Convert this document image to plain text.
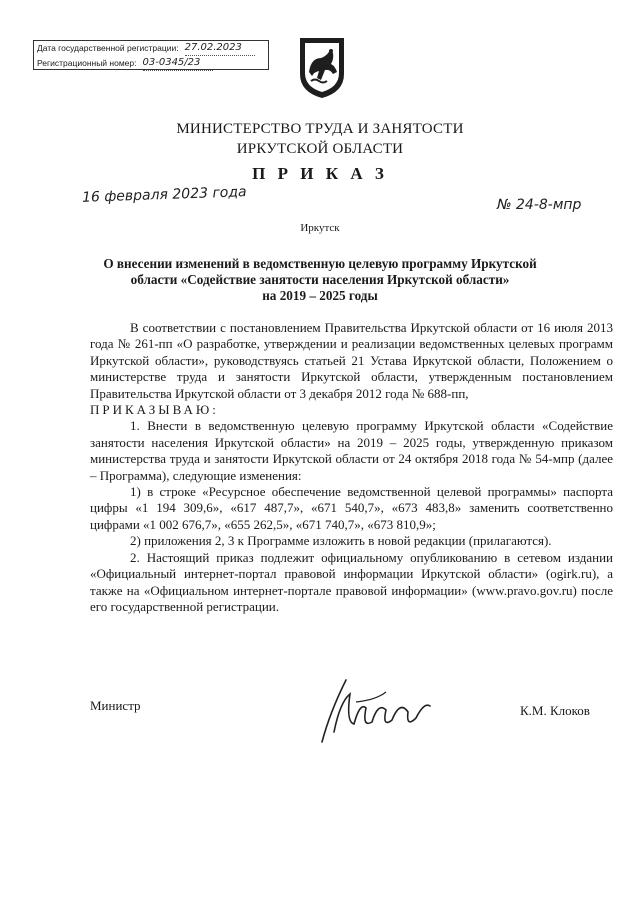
Дата государственной регистрации: 27.02.2023
Регистрационный номер: 03-0345/23
МИНИСТЕРСТВО ТРУДА И ЗАНЯТОСТИ
ИРКУТСКОЙ ОБЛАСТИ
П Р И К А З
16 февраля 2023 года	№ 24-8-мпр
Иркутск
О внесении изменений в ведомственную целевую программу Иркутской
области «Содействие занятости населения Иркутской области»
на 2019 – 2025 годы

В соответствии с постановлением Правительства Иркутской области от 16 июля 2013 года № 261-пп «О разработке, утверждении и реализации ведомственных целевых программ Иркутской области», руководствуясь статьей 21 Устава Иркутской области, Положением о министерстве труда и занятости Иркутской области, утвержденным постановлением Правительства Иркутской области от 3 декабря 2012 года № 688-пп,

ПРИКАЗЫВАЮ:

1. Внести в ведомственную целевую программу Иркутской области «Содействие занятости населения Иркутской области» на 2019 – 2025 годы, утвержденную приказом министерства труда и занятости Иркутской области от 24 октября 2018 года № 54-мпр (далее – Программа), следующие изменения:

1) в строке «Ресурсное обеспечение ведомственной целевой программы» паспорта цифры «1 194 309,6», «617 487,7», «671 540,7», «673 483,8» заменить соответственно цифрами «1 002 676,7», «655 262,5», «671 740,7», «673 810,9»;

2) приложения 2, 3 к Программе изложить в новой редакции (прилагаются).

2. Настоящий приказ подлежит официальному опубликованию в сетевом издании «Официальный интернет-портал правовой информации Иркутской области» (ogirk.ru), а также на «Официальном интернет-портале правовой информации» (www.pravo.gov.ru) после его государственной регистрации.

Министр	К.М. Клоков
